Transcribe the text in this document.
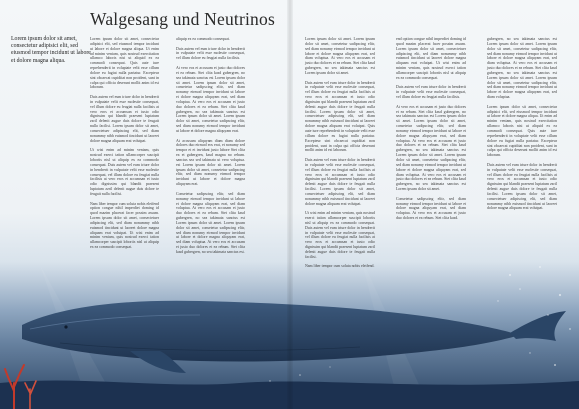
Walgesang und Neutrinos
Lorem ipsum dolor sit amet, consectetur adipisici elit, sed eiusmod tempor incidunt ut labore et dolore magna aliqua.

Lorem ipsum dolor sit amet, consectetur adipisici elit, sed eiusmod tempor incidunt ut labore et dolore magna aliqua. Ut enim ad minim veniam, quis nostrud exercitation ullamco laboris nisi ut aliquid ex ea commodi consequat. Quis aute iure reprehenderit in voluptate velit esse cillum dolore eu fugiat nulla pariatur. Excepteur sint obcaecat cupiditat non proident, sunt in culpa qui officia deserunt mollit anim id est laborum.

Duis autem vel eum iriure dolor in hendrerit in vulputate velit esse molestie consequat, vel illum dolore eu feugiat nulla facilisis at vero eros et accumsan et iusto odio dignissim qui blandit praesent luptatum zzril delenit augue duis dolore te feugait nulla facilisi. Lorem ipsum dolor sit amet, consectetuer adipiscing elit, sed diam nonummy nibh euismod tincidunt ut laoreet dolore magna aliquam erat volutpat.

Ut wisi enim ad minim veniam, quis nostrud exerci tation ullamcorper suscipit lobortis nisl ut aliquip ex ea commodo consequat. Duis autem vel eum iriure dolor in hendrerit in vulputate velit esse molestie consequat, vel illum dolore eu feugiat nulla facilisis at vero eros et accumsan et iusto odio dignissim qui blandit praesent luptatum zzril delenit augue duis dolore te feugait nulla facilisi.

Nam liber tempor cum soluta nobis eleifend option congue nihil imperdiet doming id quod mazim placerat facer possim assum. Lorem ipsum dolor sit amet, consectetuer adipiscing elit, sed diam nonummy nibh euismod tincidunt ut laoreet dolore magna aliquam erat volutpat. Ut wisi enim ad minim veniam, quis nostrud exerci tation ullamcorper suscipit lobortis nisl ut aliquip ex ea commodo consequat.

aliquip ex ea commodo consequat.

Duis autem vel eum iriure dolor in hendrerit in vulputate velit esse molestie consequat, vel illum dolore eu feugiat nulla facilisis.

At vero eos et accusam et justo duo dolores et ea rebum. Stet clita kasd gubergren, no sea takimata sanctus est Lorem ipsum dolor sit amet. Lorem ipsum dolor sit amet, consetetur sadipscing elitr, sed diam nonumy eirmod tempor invidunt ut labore et dolore magna aliquyam erat, sed diam voluptua. At vero eos et accusam et justo duo dolores et ea rebum. Stet clita kasd gubergren, no sea takimata sanctus est Lorem ipsum dolor sit amet. Lorem ipsum dolor sit amet, consetetur sadipscing elitr, sed diam nonumy eirmod tempor invidunt ut labore et dolore magna aliquyam erat.

At accusam aliquyam diam diam dolore dolores duo eirmod eos erat, et nonumy sed tempor et et invidunt justo labore Stet clita ea et gubergren, kasd magna no rebum. sanctus sea sed takimata ut vero voluptua. est Lorem ipsum dolor sit amet. Lorem ipsum dolor sit amet, consetetur sadipscing elitr, sed diam nonumy eirmod tempor invidunt ut labore et dolore magna aliquyam erat.

Consetetur sadipscing elitr, sed diam nonumy eirmod tempor invidunt ut labore et dolore magna aliquyam erat, sed diam voluptua. At vero eos et accusam et justo duo dolores et ea rebum. Stet clita kasd gubergren, no sea takimata sanctus est Lorem ipsum dolor sit amet. Lorem ipsum dolor sit amet, consetetur sadipscing elitr, sed diam nonumy eirmod tempor invidunt ut labore et dolore magna aliquyam erat, sed diam voluptua. At vero eos et accusam et justo duo dolores et ea rebum. Stet clita kasd gubergren, no sea takimata sanctus est.

Lorem ipsum dolor sit amet. Lorem ipsum dolor sit amet, consetetur sadipscing elitr, sed diam nonumy eirmod tempor invidunt ut labore et dolore magna aliquyam erat, sed diam voluptua. At vero eos et accusam et justo duo dolores et ea rebum. Stet clita kasd gubergren, no sea takimata sanctus est Lorem ipsum dolor sit amet.

Duis autem vel eum iriure dolor in hendrerit in vulputate velit esse molestie consequat, vel illum dolore eu feugiat nulla facilisis at vero eros et accumsan et iusto odio dignissim qui blandit praesent luptatum zzril delenit augue duis dolore te feugait nulla facilisi. Lorem ipsum dolor sit amet, consectetuer adipiscing elit, sed diam nonummy nibh euismod tincidunt ut laoreet dolore magna aliquam erat volutpat. Quis aute iure reprehenderit in voluptate velit esse cillum dolore eu fugiat nulla pariatur. Excepteur sint obcaecat cupiditat non proident, sunt in culpa qui officia deserunt mollit anim id est laborum.

Duis autem vel eum iriure dolor in hendrerit in vulputate velit esse molestie consequat, vel illum dolore eu feugiat nulla facilisis at vero eros et accumsan et iusto odio dignissim qui blandit praesent luptatum zzril delenit augue duis dolore te feugait nulla facilisi. Lorem ipsum dolor sit amet, consectetuer adipiscing elit, sed diam nonummy nibh euismod tincidunt ut laoreet dolore magna aliquam erat volutpat.

Ut wisi enim ad minim veniam, quis nostrud exerci tation ullamcorper suscipit lobortis nisl ut aliquip ex ea commodo consequat. Duis autem vel eum iriure dolor in hendrerit in vulputate velit esse molestie consequat, vel illum dolore eu feugiat nulla facilisis at vero eros et accumsan et iusto odio dignissim qui blandit praesent luptatum zzril delenit augue duis dolore te feugait nulla facilisi.

Nam liber tempor cum soluta nobis eleifend.

end option congue nihil imperdiet doming id quod mazim placerat facer possim assum. Lorem ipsum dolor sit amet, consectetuer adipiscing elit, sed diam nonummy nibh euismod tincidunt ut laoreet dolore magna aliquam erat volutpat. Ut wisi enim ad minim veniam, quis nostrud exerci tation ullamcorper suscipit lobortis nisl ut aliquip ex ea commodo consequat.

Duis autem vel eum iriure dolor in hendrerit in vulputate velit esse molestie consequat, vel illum dolore eu feugiat nulla facilisis.

At vero eos et accusam et justo duo dolores et ea rebum. Stet clita kasd gubergren, no sea takimata sanctus est Lorem ipsum dolor sit amet. Lorem ipsum dolor sit amet, consetetur sadipscing elitr, sed diam nonumy eirmod tempor invidunt ut labore et dolore magna aliquyam erat, sed diam voluptua. At vero eos et accusam et justo duo dolores et ea rebum. Stet clita kasd gubergren, no sea takimata sanctus est Lorem ipsum dolor sit amet. Lorem ipsum dolor sit amet, consetetur sadipscing elitr, sed diam nonumy eirmod tempor invidunt ut labore et dolore magna aliquyam erat, sed diam voluptua. At vero eos et accusam et justo duo dolores et ea rebum. Stet clita kasd gubergren, no sea takimata sanctus est Lorem ipsum dolor sit amet.

Consetetur sadipscing elitr, sed diam nonumy eirmod tempor invidunt ut labore et dolore magna aliquyam erat, sed diam voluptua. At vero eos et accusam et justo duo dolores et ea rebum. Stet clita kasd.

gubergren, no sea takimata sanctus est Lorem ipsum dolor sit amet. Lorem ipsum dolor sit amet, consetetur sadipscing elitr, sed diam nonumy eirmod tempor invidunt ut labore et dolore magna aliquyam erat, sed diam voluptua. At vero eos et accusam et justo duo dolores et ea rebum. Stet clita kasd gubergren, no sea takimata sanctus est Lorem ipsum dolor sit amet. Lorem ipsum dolor sit amet, consetetur sadipscing elitr, sed diam nonumy eirmod tempor invidunt ut labore et dolore magna aliquyam erat, sed diam voluptua.

Lorem ipsum dolor sit amet, consectetur adipisici elit, sed eiusmod tempor incidunt ut labore et dolore magna aliqua. Ut enim ad minim veniam, quis nostrud exercitation ullamco laboris nisi ut aliquid ex ea commodi consequat. Quis aute iure reprehenderit in voluptate velit esse cillum dolore eu fugiat nulla pariatur. Excepteur sint obcaecat cupiditat non proident, sunt in culpa qui officia deserunt mollit anim id est laborum.

Duis autem vel eum iriure dolor in hendrerit in vulputate velit esse molestie consequat, vel illum dolore eu feugiat nulla facilisis at vero eros et accumsan et iusto odio dignissim qui blandit praesent luptatum zzril delenit augue duis dolore te feugait nulla facilisi. Lorem ipsum dolor sit amet, consectetuer adipiscing elit, sed diam nonummy nibh euismod tincidunt ut laoreet dolore magna aliquam erat volutpat.
